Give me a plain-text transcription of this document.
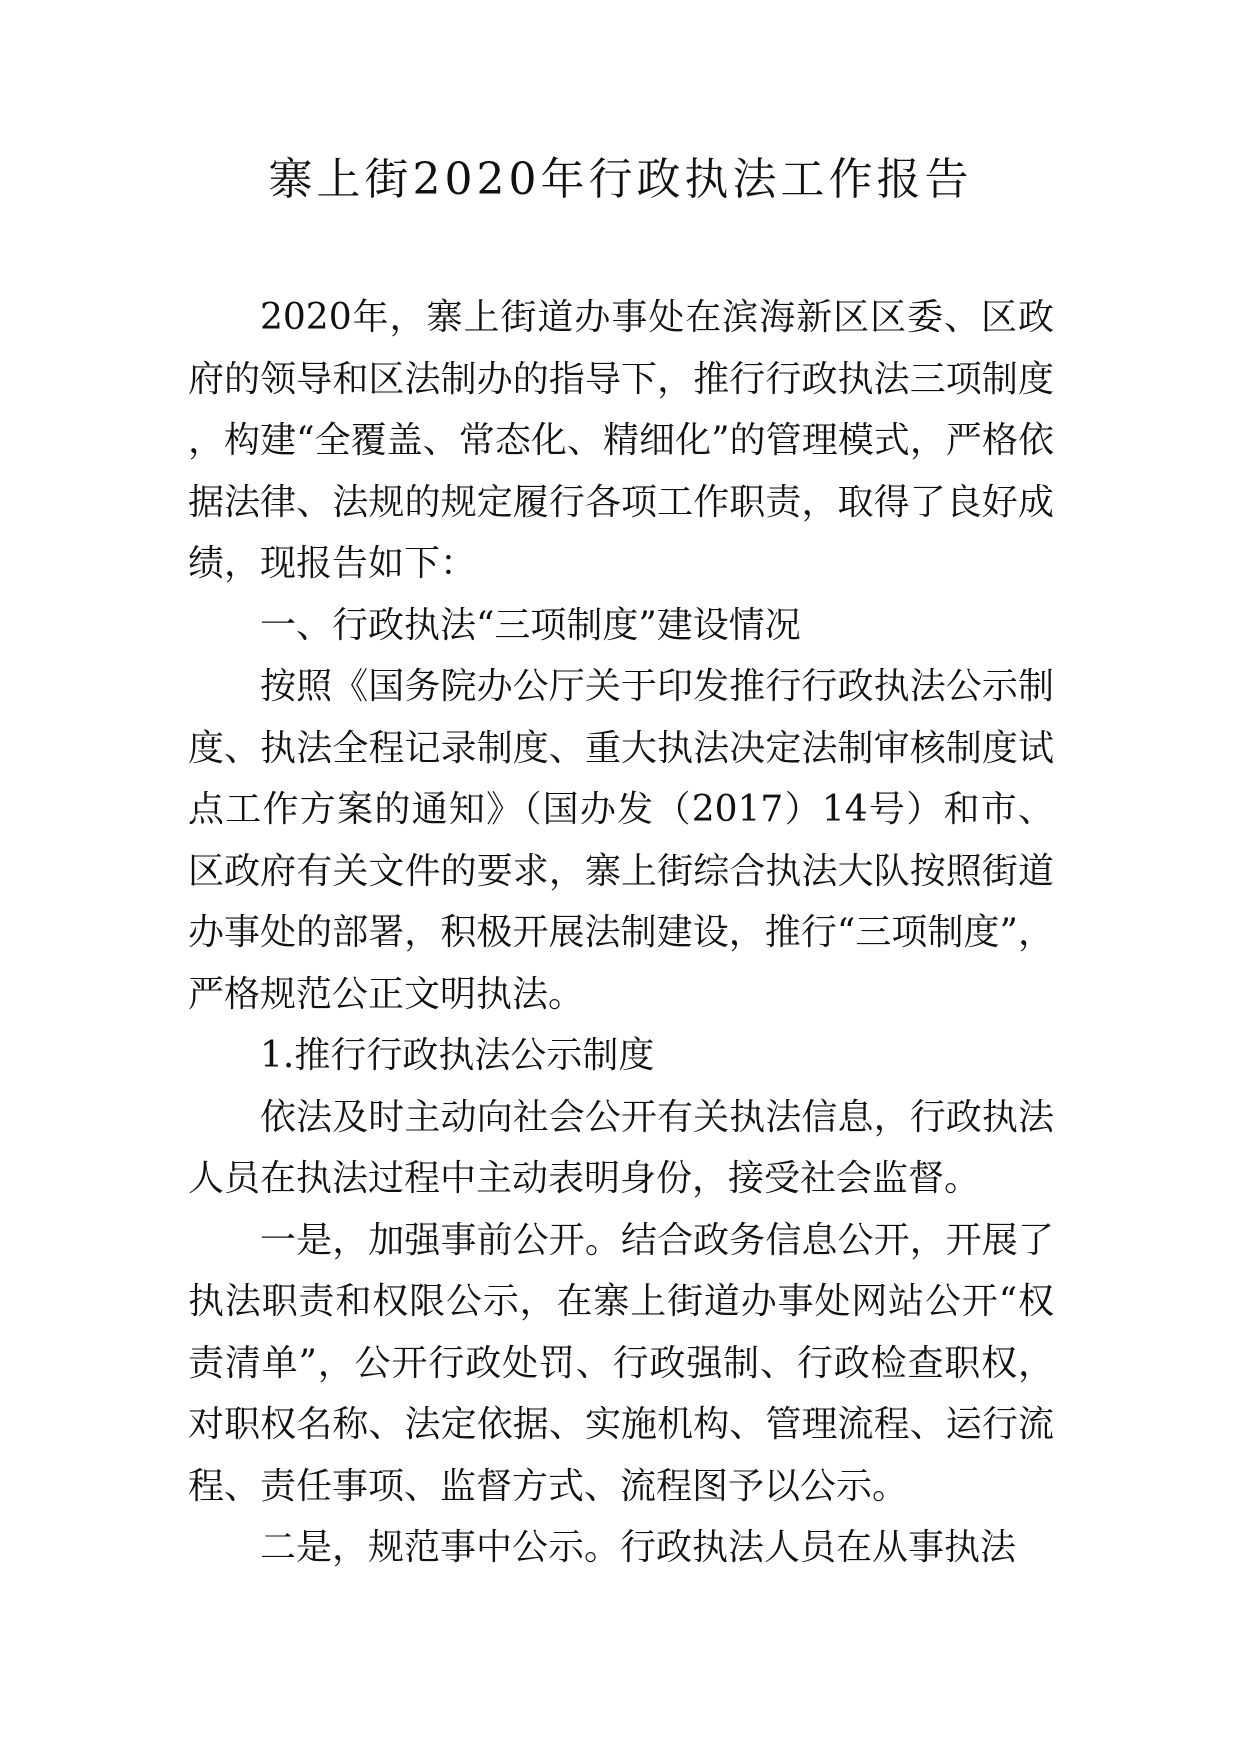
寨上街2020年行政执法工作报告

2020年，寨上街道办事处在滨海新区区委、区政府的领导和区法制办的指导下，推行行政执法三项制度，构建“全覆盖、常态化、精细化”的管理模式，严格依据法律、法规的规定履行各项工作职责，取得了良好成绩，现报告如下：

一、行政执法“三项制度”建设情况

按照《国务院办公厅关于印发推行行政执法公示制度、执法全程记录制度、重大执法决定法制审核制度试点工作方案的通知》（国办发（2017）14号）和市、区政府有关文件的要求，寨上街综合执法大队按照街道办事处的部署，积极开展法制建设，推行“三项制度”，严格规范公正文明执法。

1.推行行政执法公示制度

依法及时主动向社会公开有关执法信息，行政执法人员在执法过程中主动表明身份，接受社会监督。

一是，加强事前公开。结合政务信息公开，开展了执法职责和权限公示，在寨上街道办事处网站公开“权责清单”，公开行政处罚、行政强制、行政检查职权，对职权名称、法定依据、实施机构、管理流程、运行流程、责任事项、监督方式、流程图予以公示。

二是，规范事中公示。行政执法人员在从事执法
